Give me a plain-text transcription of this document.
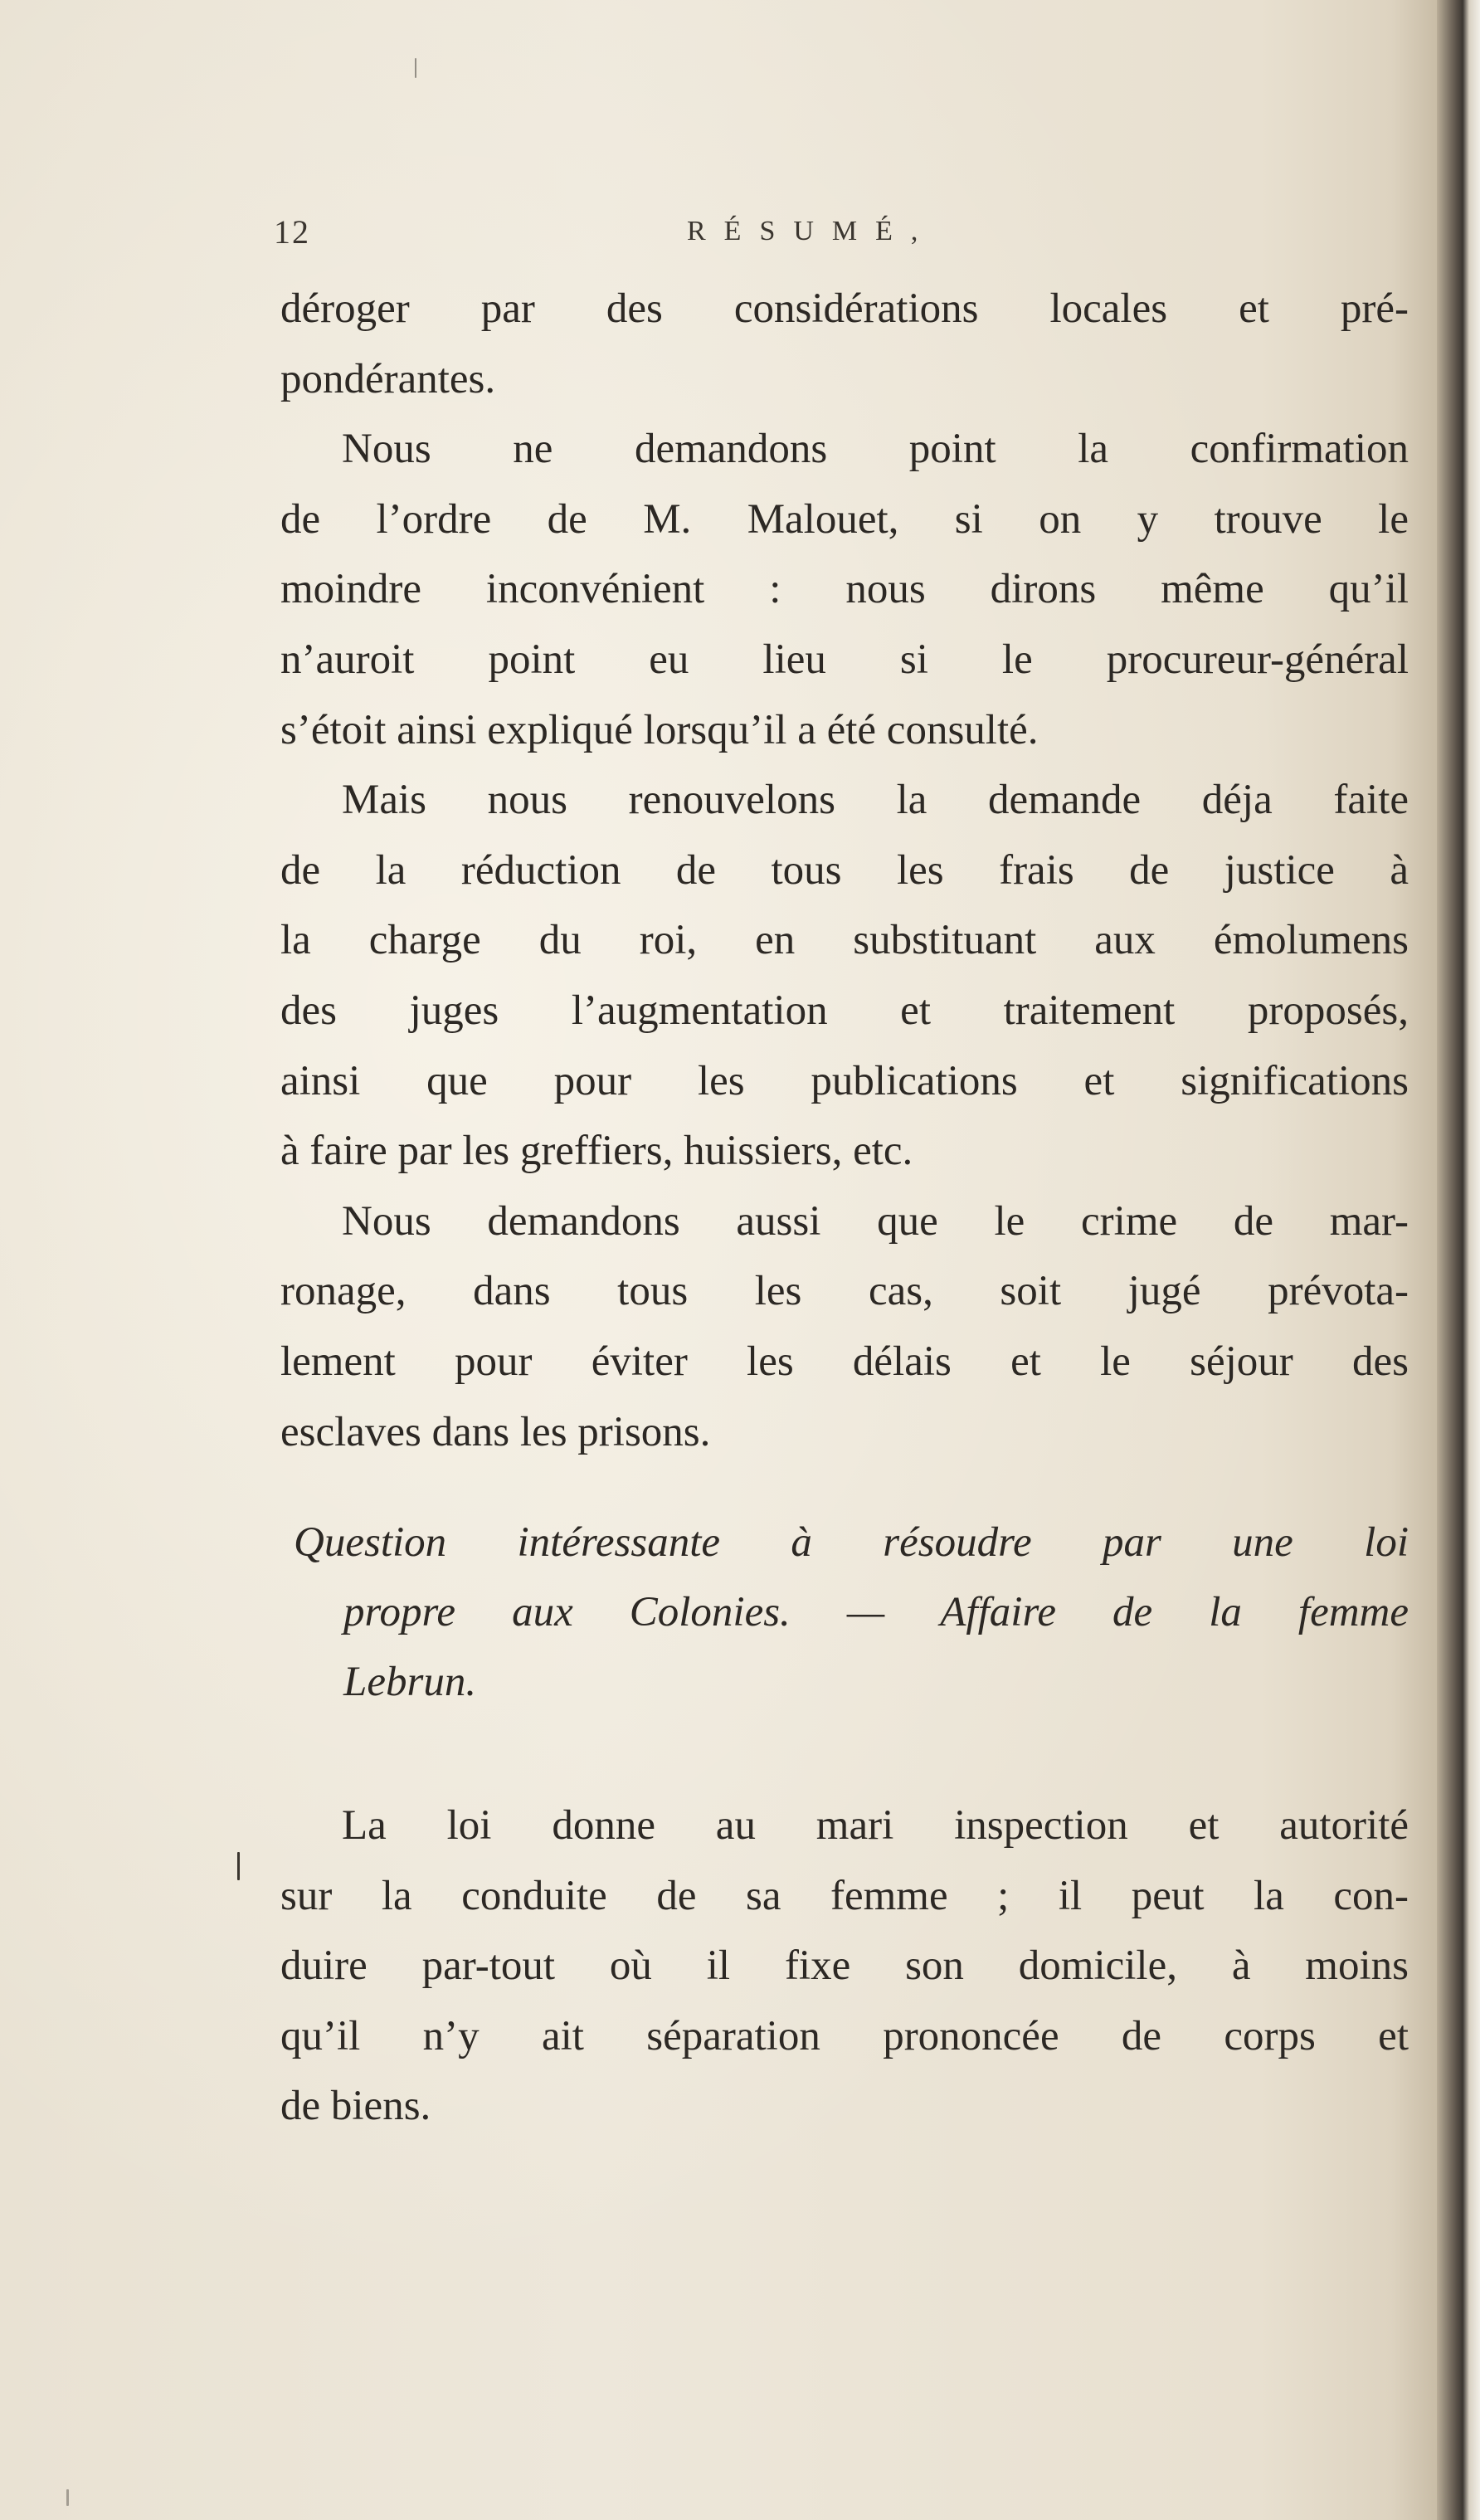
12	RÉSUMÉ,
déroger par des considérations locales et pré-
pondérantes.
Nous ne demandons point la confirmation
de l’ordre de M. Malouet, si on y trouve le
moindre inconvénient : nous dirons même qu’il
n’auroit point eu lieu si le procureur-général
s’étoit ainsi expliqué lorsqu’il a été consulté.
Mais nous renouvelons la demande déja faite
de la réduction de tous les frais de justice à
la charge du roi, en substituant aux émolumens
des juges l’augmentation et traitement proposés,
ainsi que pour les publications et significations
à faire par les greffiers, huissiers, etc.
Nous demandons aussi que le crime de mar-
ronage, dans tous les cas, soit jugé prévota-
lement pour éviter les délais et le séjour des
esclaves dans les prisons.
Question intéressante à résoudre par une loi
propre aux Colonies. — Affaire de la femme
Lebrun.
La loi donne au mari inspection et autorité
sur la conduite de sa femme ; il peut la con-
duire par-tout où il fixe son domicile, à moins
qu’il n’y ait séparation prononcée de corps et
de biens.
